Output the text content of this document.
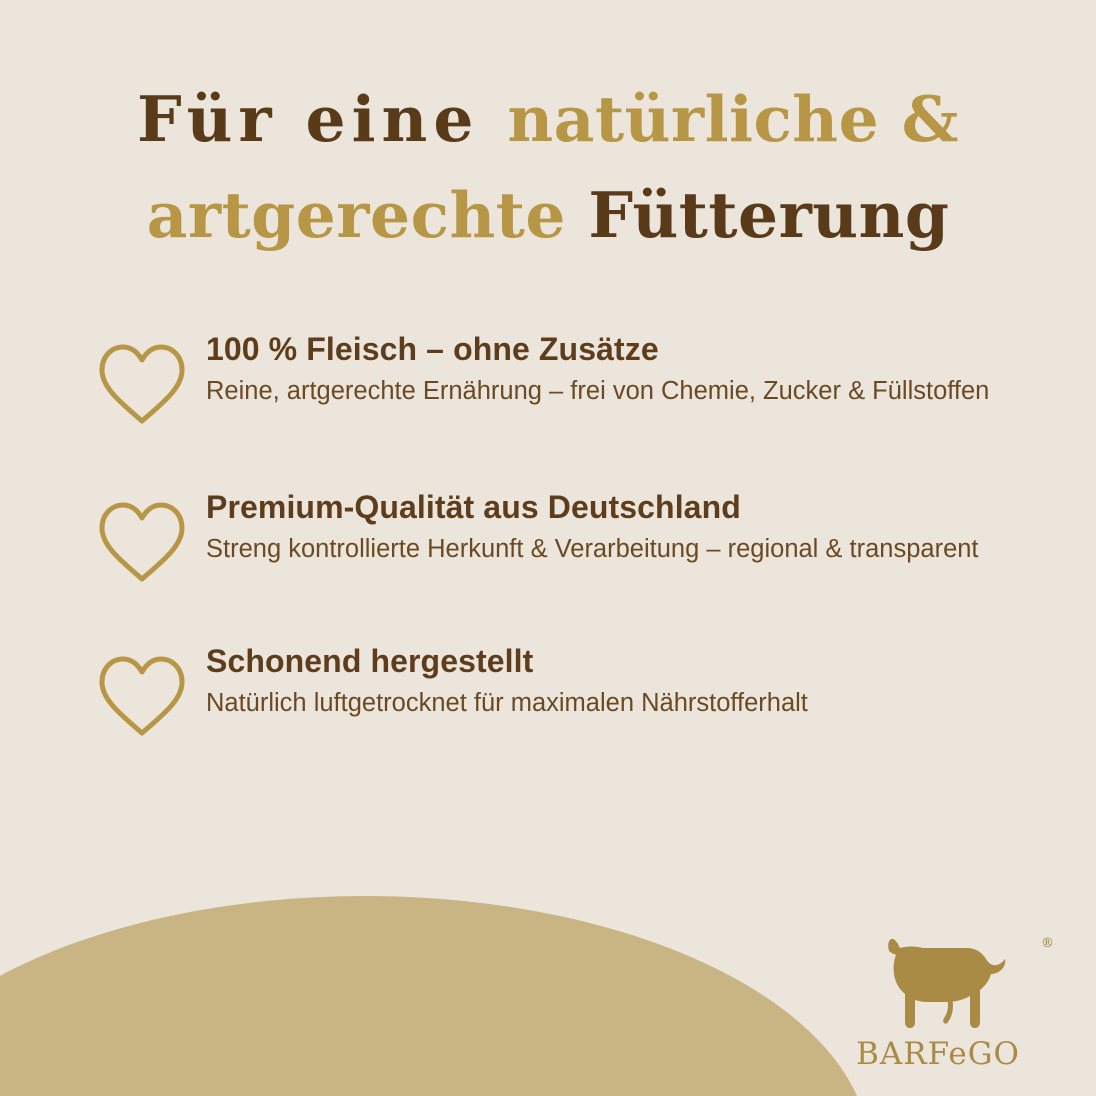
Für eine natürliche &
artgerechte Fütterung

100 % Fleisch – ohne Zusätze

Reine, artgerechte Ernährung – frei von Chemie, Zucker & Füllstoffen

Premium-Qualität aus Deutschland

Streng kontrollierte Herkunft & Verarbeitung – regional & transparent

Schonend hergestellt

Natürlich luftgetrocknet für maximalen Nährstofferhalt

®
BARFeGO
